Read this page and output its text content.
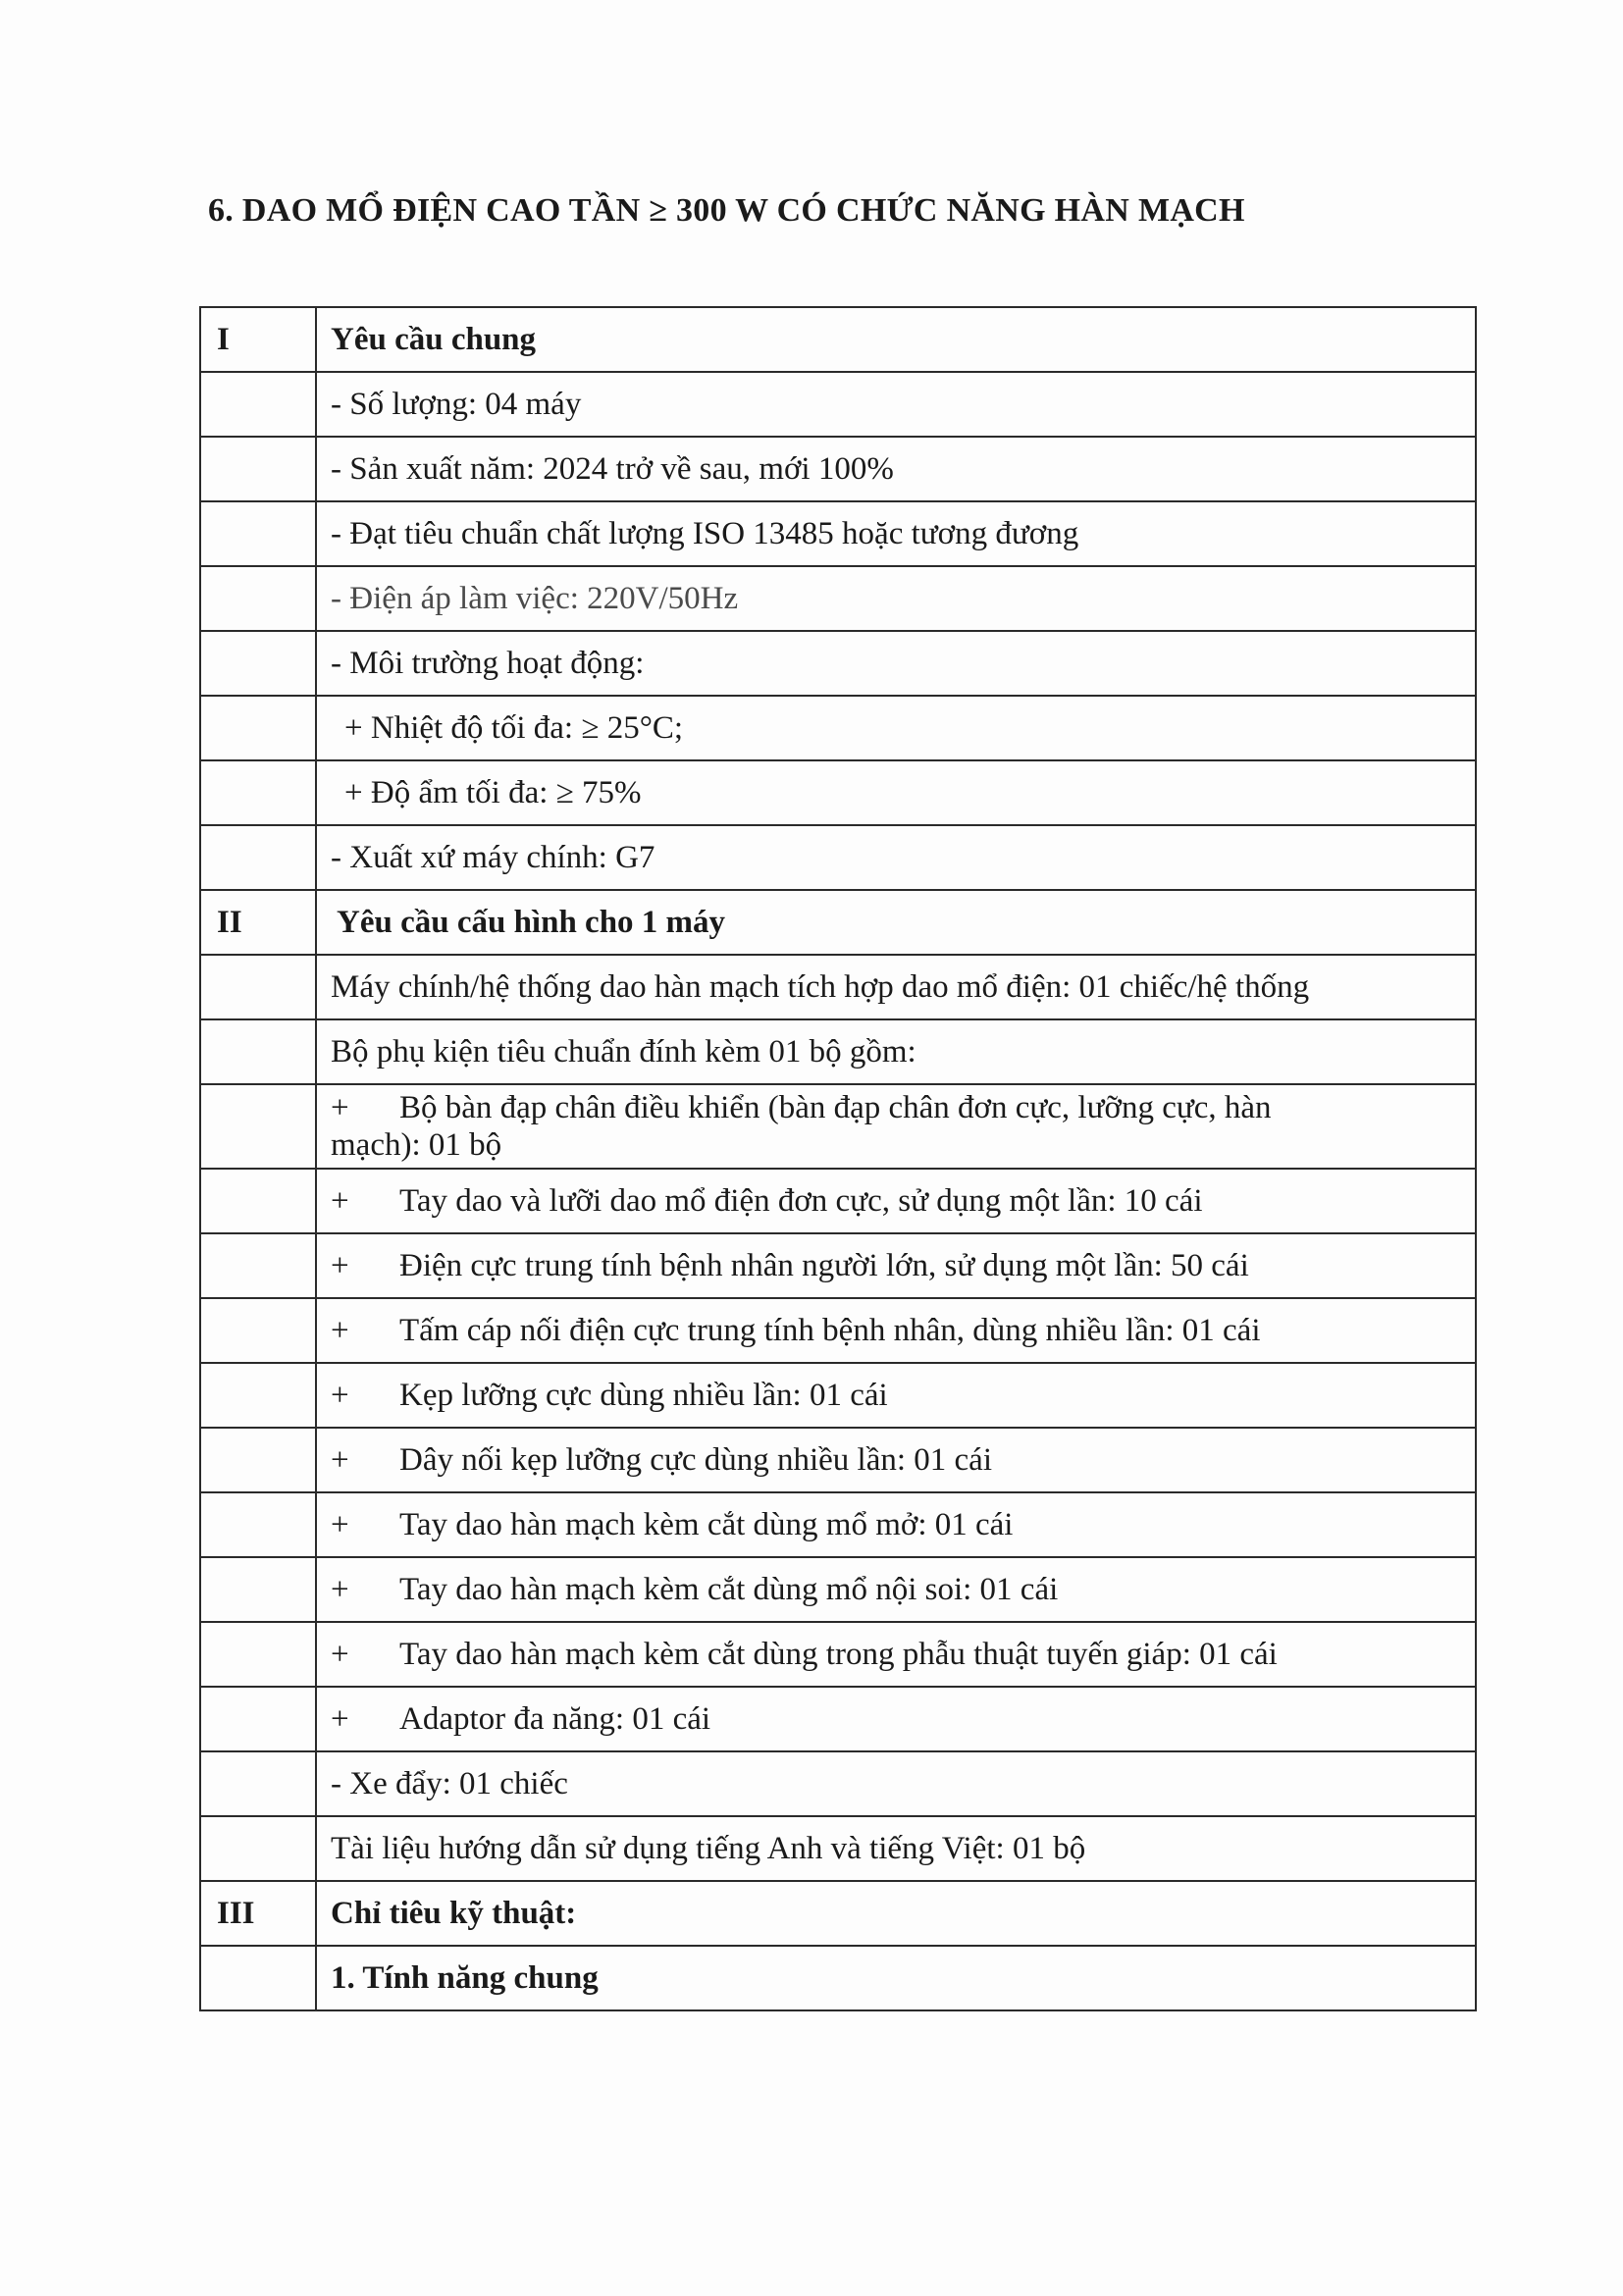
6. DAO MỔ ĐIỆN CAO TẦN ≥ 300 W CÓ CHỨC NĂNG HÀN MẠCH
I	Yêu cầu chung
	- Số lượng: 04 máy
	- Sản xuất năm: 2024 trở về sau, mới 100%
	- Đạt tiêu chuẩn chất lượng ISO 13485 hoặc tương đương
	- Điện áp làm việc: 220V/50Hz
	- Môi trường hoạt động:
	+ Nhiệt độ tối đa: ≥ 25°C;
	+ Độ ẩm tối đa: ≥ 75%
	- Xuất xứ máy chính: G7
II	Yêu cầu cấu hình cho 1 máy
	Máy chính/hệ thống dao hàn mạch tích hợp dao mổ điện: 01 chiếc/hệ thống
	Bộ phụ kiện tiêu chuẩn đính kèm 01 bộ gồm:

	+ Bộ bàn đạp chân điều khiển (bàn đạp chân đơn cực, lưỡng cực, hàn
mạch): 01 bộ

	+ Tay dao và lưỡi dao mổ điện đơn cực, sử dụng một lần: 10 cái
	+ Điện cực trung tính bệnh nhân người lớn, sử dụng một lần: 50 cái
	+ Tấm cáp nối điện cực trung tính bệnh nhân, dùng nhiều lần: 01 cái
	+ Kẹp lưỡng cực dùng nhiều lần: 01 cái
	+ Dây nối kẹp lưỡng cực dùng nhiều lần: 01 cái
	+ Tay dao hàn mạch kèm cắt dùng mổ mở: 01 cái
	+ Tay dao hàn mạch kèm cắt dùng mổ nội soi: 01 cái
	+ Tay dao hàn mạch kèm cắt dùng trong phẫu thuật tuyến giáp: 01 cái
	+ Adaptor đa năng: 01 cái
	- Xe đẩy: 01 chiếc
	Tài liệu hướng dẫn sử dụng tiếng Anh và tiếng Việt: 01 bộ
III	Chỉ tiêu kỹ thuật:
	1. Tính năng chung
